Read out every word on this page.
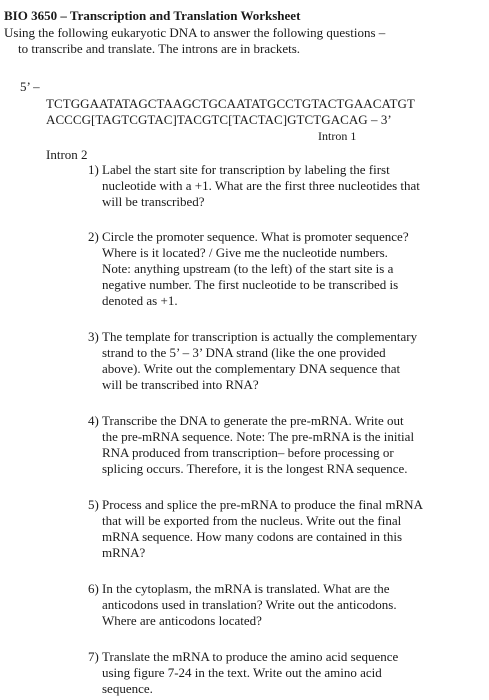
BIO 3650 – Transcription and Translation Worksheet
Using the following eukaryotic DNA to answer the following questions –
to transcribe and translate. The introns are in brackets.
5’ –
TCTGGAATATAGCTAAGCTGCAATATGCCTGTACTGAACATGT
ACCCG[TAGTCGTAC]TACGTC[TACTAC]GTCTGACAG – 3’
Intron 1
Intron 2
1) Label the start site for transcription by labeling the first
nucleotide with a +1. What are the first three nucleotides that
will be transcribed?
2) Circle the promoter sequence. What is promoter sequence?
Where is it located? / Give me the nucleotide numbers.
Note: anything upstream (to the left) of the start site is a
negative number. The first nucleotide to be transcribed is
denoted as +1.
3) The template for transcription is actually the complementary
strand to the 5’ – 3’ DNA strand (like the one provided
above). Write out the complementary DNA sequence that
will be transcribed into RNA?
4) Transcribe the DNA to generate the pre-mRNA. Write out
the pre-mRNA sequence. Note: The pre-mRNA is the initial
RNA produced from transcription– before processing or
splicing occurs. Therefore, it is the longest RNA sequence.
5) Process and splice the pre-mRNA to produce the final mRNA
that will be exported from the nucleus. Write out the final
mRNA sequence. How many codons are contained in this
mRNA?
6) In the cytoplasm, the mRNA is translated. What are the
anticodons used in translation? Write out the anticodons.
Where are anticodons located?
7) Translate the mRNA to produce the amino acid sequence
using figure 7-24 in the text. Write out the amino acid
sequence.
